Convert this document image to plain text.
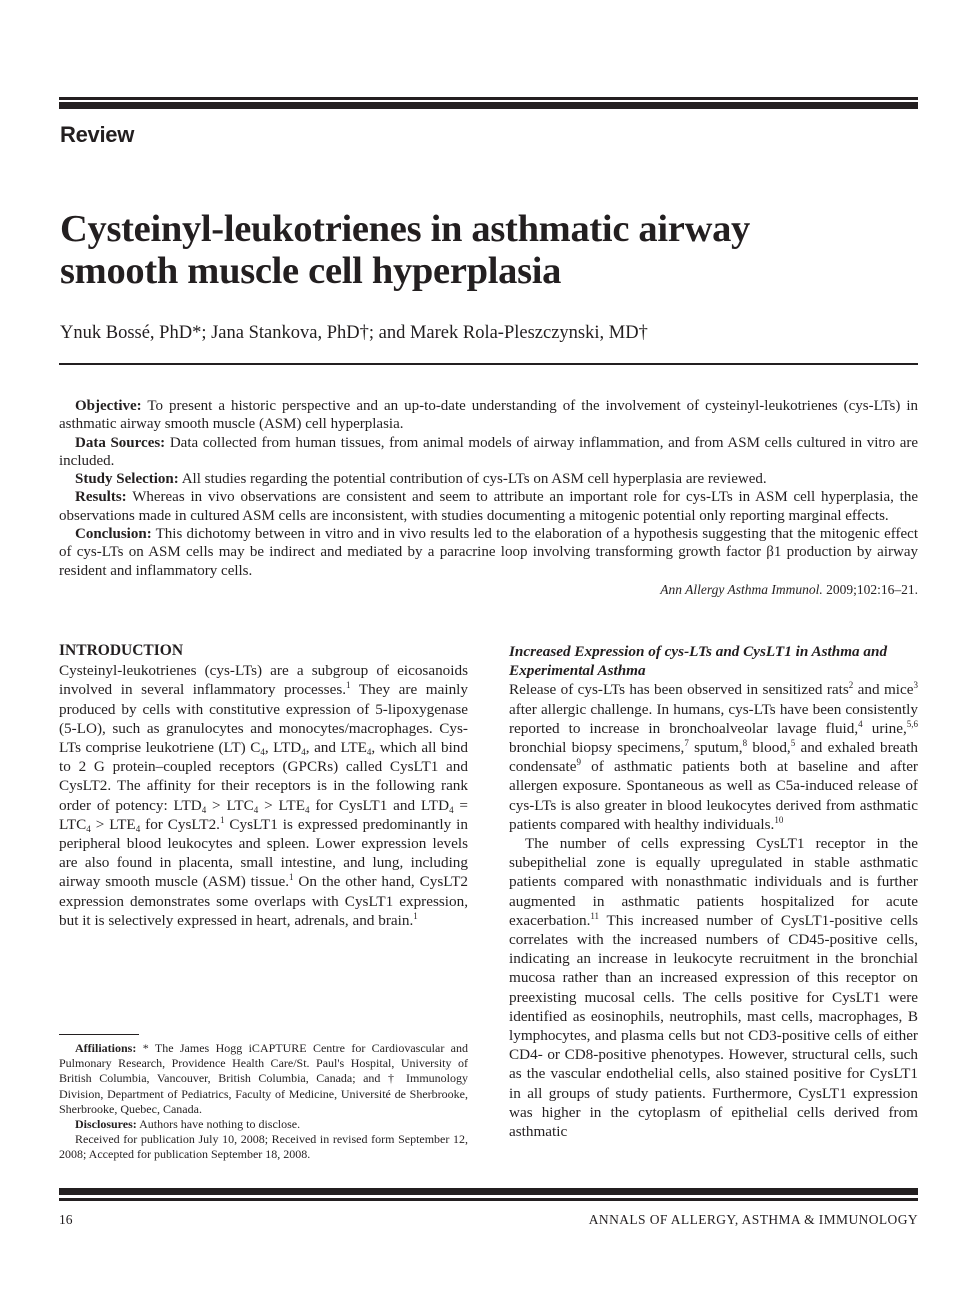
Review
Cysteinyl-leukotrienes in asthmatic airway
smooth muscle cell hyperplasia

Ynuk Bossé, PhD*; Jana Stankova, PhD†; and Marek Rola-Pleszczynski, MD†

Objective: To present a historic perspective and an up-to-date understanding of the involvement of cysteinyl-leukotrienes (cys-LTs) in asthmatic airway smooth muscle (ASM) cell hyperplasia.

Data Sources: Data collected from human tissues, from animal models of airway inflammation, and from ASM cells cultured in vitro are included.

Study Selection: All studies regarding the potential contribution of cys-LTs on ASM cell hyperplasia are reviewed.

Results: Whereas in vivo observations are consistent and seem to attribute an important role for cys-LTs in ASM cell hyperplasia, the observations made in cultured ASM cells are inconsistent, with studies documenting a mitogenic potential only reporting marginal effects.

Conclusion: This dichotomy between in vitro and in vivo results led to the elaboration of a hypothesis suggesting that the mitogenic effect of cys-LTs on ASM cells may be indirect and mediated by a paracrine loop involving transforming growth factor β1 production by airway resident and inflammatory cells.

Ann Allergy Asthma Immunol. 2009;102:16–21.
INTRODUCTION

Cysteinyl-leukotrienes (cys-LTs) are a subgroup of eicosanoids involved in several inflammatory processes.$^1$ They are mainly produced by cells with constitutive expression of 5-lipoxygenase (5-LO), such as granulocytes and monocytes/macrophages. Cys-LTs comprise leukotriene (LT) $C_4$, $LTD_4$, and $LTE_4$, which all bind to 2 G protein–coupled receptors (GPCRs) called CysLT1 and CysLT2. The affinity for their receptors is in the following rank order of potency: $LTD_4 > LTC_4 > LTE_4$ for CysLT1 and $LTD_4 = LTC_4 > LTE_4$ for CysLT2.$^1$ CysLT1 is expressed predominantly in peripheral blood leukocytes and spleen. Lower expression levels are also found in placenta, small intestine, and lung, including airway smooth muscle (ASM) tissue.$^1$ On the other hand, CysLT2 expression demonstrates some overlaps with CysLT1 expression, but it is selectively expressed in heart, adrenals, and brain.$^1$

Affiliations: * The James Hogg iCAPTURE Centre for Cardiovascular and Pulmonary Research, Providence Health Care/St. Paul's Hospital, University of British Columbia, Vancouver, British Columbia, Canada; and † Immunology Division, Department of Pediatrics, Faculty of Medicine, Université de Sherbrooke, Sherbrooke, Quebec, Canada.

Disclosures: Authors have nothing to disclose.

Received for publication July 10, 2008; Received in revised form September 12, 2008; Accepted for publication September 18, 2008.

Increased Expression of cys-LTs and CysLT1 in Asthma and Experimental Asthma

Release of cys-LTs has been observed in sensitized rats$^2$ and mice$^3$ after allergic challenge. In humans, cys-LTs have been consistently reported to increase in bronchoalveolar lavage fluid,$^4$ urine,$^{5,6}$ bronchial biopsy specimens,$^7$ sputum,$^8$ blood,$^5$ and exhaled breath condensate$^9$ of asthmatic patients both at baseline and after allergen exposure. Spontaneous as well as C5a-induced release of cys-LTs is also greater in blood leukocytes derived from asthmatic patients compared with healthy individuals.$^{10}$

The number of cells expressing CysLT1 receptor in the subepithelial zone is equally upregulated in stable asthmatic patients compared with nonasthmatic individuals and is further augmented in asthmatic patients hospitalized for acute exacerbation.$^{11}$ This increased number of CysLT1-positive cells correlates with the increased numbers of CD45-positive cells, indicating an increase in leukocyte recruitment in the bronchial mucosa rather than an increased expression of this receptor on preexisting mucosal cells. The cells positive for CysLT1 were identified as eosinophils, neutrophils, mast cells, macrophages, B lymphocytes, and plasma cells but not CD3-positive cells of either CD4- or CD8-positive phenotypes. However, structural cells, such as the vascular endothelial cells, also stained positive for CysLT1 in all groups of study patients. Furthermore, CysLT1 expression was higher in the cytoplasm of epithelial cells derived from asthmatic

16	ANNALS OF ALLERGY, ASTHMA & IMMUNOLOGY
